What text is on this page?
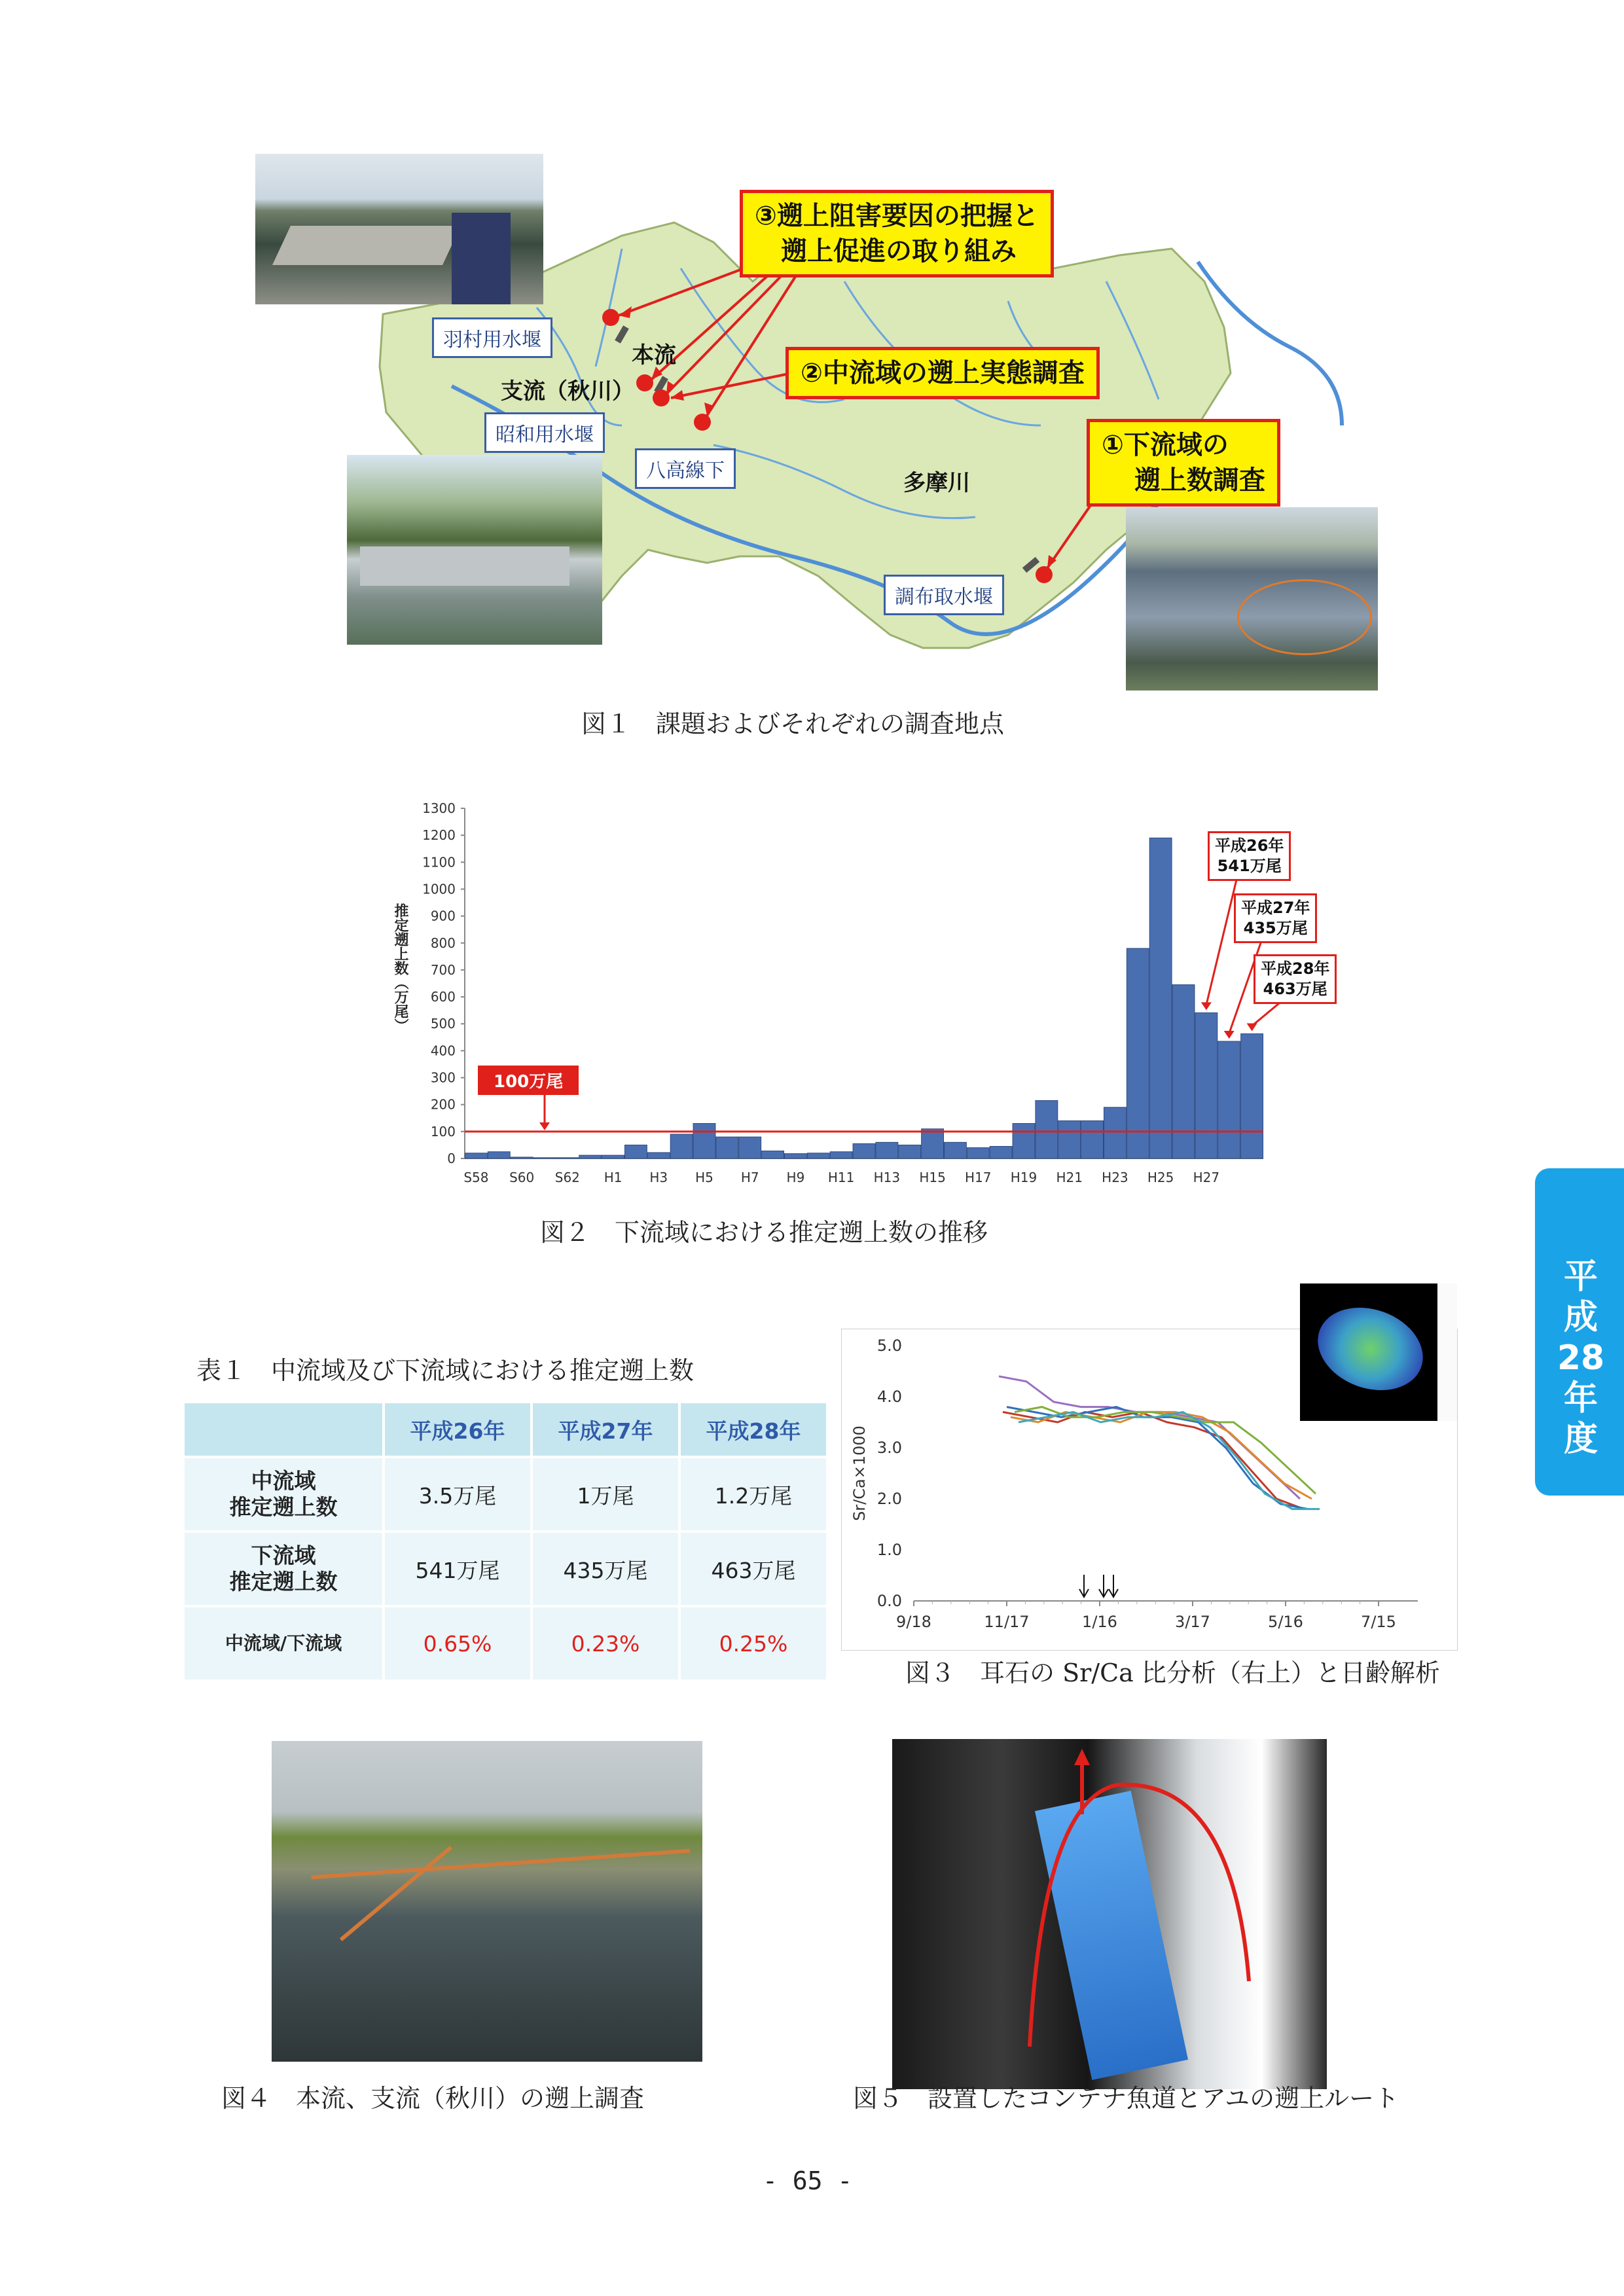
③遡上阻害要因の把握と
遡上促進の取り組み
②中流域の遡上実態調査
①下流域の
遡上数調査
羽村用水堰
本流
支流（秋川）
昭和用水堰
八高線下	多摩川
調布取水堰
図１　課題およびそれぞれの調査地点
0
100
200
300
400
500
600
700
800
900
1000
1100
1200
1300
S58 S60 S62 H1 H3 H5 H7 H9 H11 H13 H15 H17 H19 H21 H23 H25 H27
推定遡上数（万尾）
100万尾
平成26年
541万尾
平成27年
435万尾
平成28年
463万尾
図２　下流域における推定遡上数の推移
表１　中流域及び下流域における推定遡上数
	平成26年	平成27年	平成28年

中流域
推定遡上数	3.5万尾	1万尾	1.2万尾

下流域
推定遡上数	541万尾	435万尾	463万尾
中流域/下流域	0.65%	0.23%	0.25%
0.0
1.0
2.0
3.0
4.0
5.0
9/18	11/17	1/16	3/17	5/16	7/15
Sr/Ca×1000
図３　耳石の Sr/Ca 比分析（右上）と日齢解析
図４　本流、支流（秋川）の遡上調査	図５　設置したコンテナ魚道とアユの遡上ルート
平
成
28
年
度
- 65 -
